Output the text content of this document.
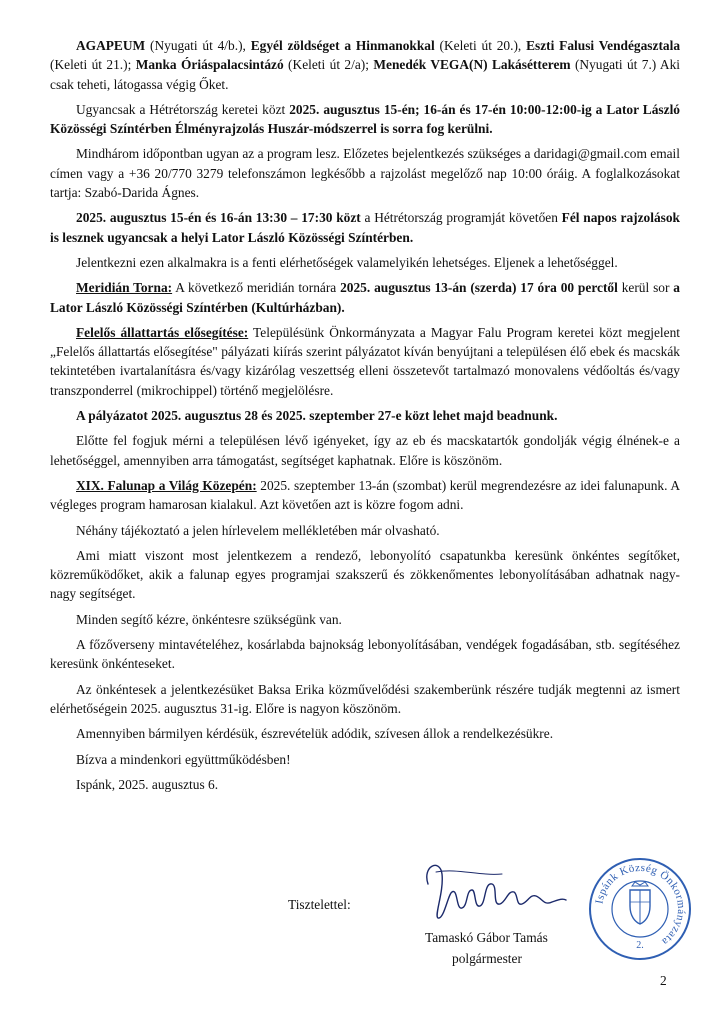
AGAPEUM (Nyugati út 4/b.), Egyél zöldséget a Hinmanokkal (Keleti út 20.), Eszti Falusi Vendégasztala (Keleti út 21.); Manka Óriáspalacsintázó (Keleti út 2/a); Menedék VEGA(N) Lakásétterem (Nyugati út 7.) Aki csak teheti, látogassa végig Őket.

Ugyancsak a Hétrétország keretei közt 2025. augusztus 15-én; 16-án és 17-én 10:00-12:00-ig a Lator László Közösségi Színtérben Élményrajzolás Huszár-módszerrel is sorra fog kerülni.

Mindhárom időpontban ugyan az a program lesz. Előzetes bejelentkezés szükséges a daridagi@gmail.com email címen vagy a +36 20/770 3279 telefonszámon legkésőbb a rajzolást megelőző nap 10:00 óráig. A foglalkozásokat tartja: Szabó-Darida Ágnes.

2025. augusztus 15-én és 16-án 13:30 – 17:30 közt a Hétrétország programját követően Fél napos rajzolások is lesznek ugyancsak a helyi Lator László Közösségi Színtérben.

Jelentkezni ezen alkalmakra is a fenti elérhetőségek valamelyikén lehetséges. Eljenek a lehetőséggel.

Meridián Torna: A következő meridián tornára 2025. augusztus 13-án (szerda) 17 óra 00 perctől kerül sor a Lator László Közösségi Színtérben (Kultúrházban).

Felelős állattartás elősegítése: Településünk Önkormányzata a Magyar Falu Program keretei közt megjelent „Felelős állattartás elősegítése" pályázati kiírás szerint pályázatot kíván benyújtani a településen élő ebek és macskák tekintetében ivartalanításra és/vagy kizárólag veszettség elleni összetevőt tartalmazó monovalens védőoltás és/vagy transzponderrel (mikrochippel) történő megjelölésre.

A pályázatot 2025. augusztus 28 és 2025. szeptember 27-e közt lehet majd beadnunk.

Előtte fel fogjuk mérni a településen lévő igényeket, így az eb és macskatartók gondolják végig élnének-e a lehetőséggel, amennyiben arra támogatást, segítséget kaphatnak. Előre is köszönöm.

XIX. Falunap a Világ Közepén: 2025. szeptember 13-án (szombat) kerül megrendezésre az idei falunapunk. A végleges program hamarosan kialakul. Azt követően azt is közre fogom adni.

Néhány tájékoztató a jelen hírlevelem mellékletében már olvasható.

Ami miatt viszont most jelentkezem a rendező, lebonyolító csapatunkba keresünk önkéntes segítőket, közreműködőket, akik a falunap egyes programjai szakszerű és zökkenőmentes lebonyolításában adhatnak nagy-nagy segítséget.

Minden segítő kézre, önkéntesre szükségünk van.

A főzőverseny mintavételéhez, kosárlabda bajnokság lebonyolításában, vendégek fogadásában, stb. segítéséhez keresünk önkénteseket.

Az önkéntesek a jelentkezésüket Baksa Erika közművelődési szakemberünk részére tudják megtenni az ismert elérhetőségein 2025. augusztus 31-ig. Előre is nagyon köszönöm.

Amennyiben bármilyen kérdésük, észrevételük adódik, szívesen állok a rendelkezésükre.

Bízva a mindenkori együttműködésben!

Ispánk, 2025. augusztus 6.

Tisztelettel:
Tamaskó Gábor Tamás
polgármester
Ispánk Község Önkormányzata
2.
2
